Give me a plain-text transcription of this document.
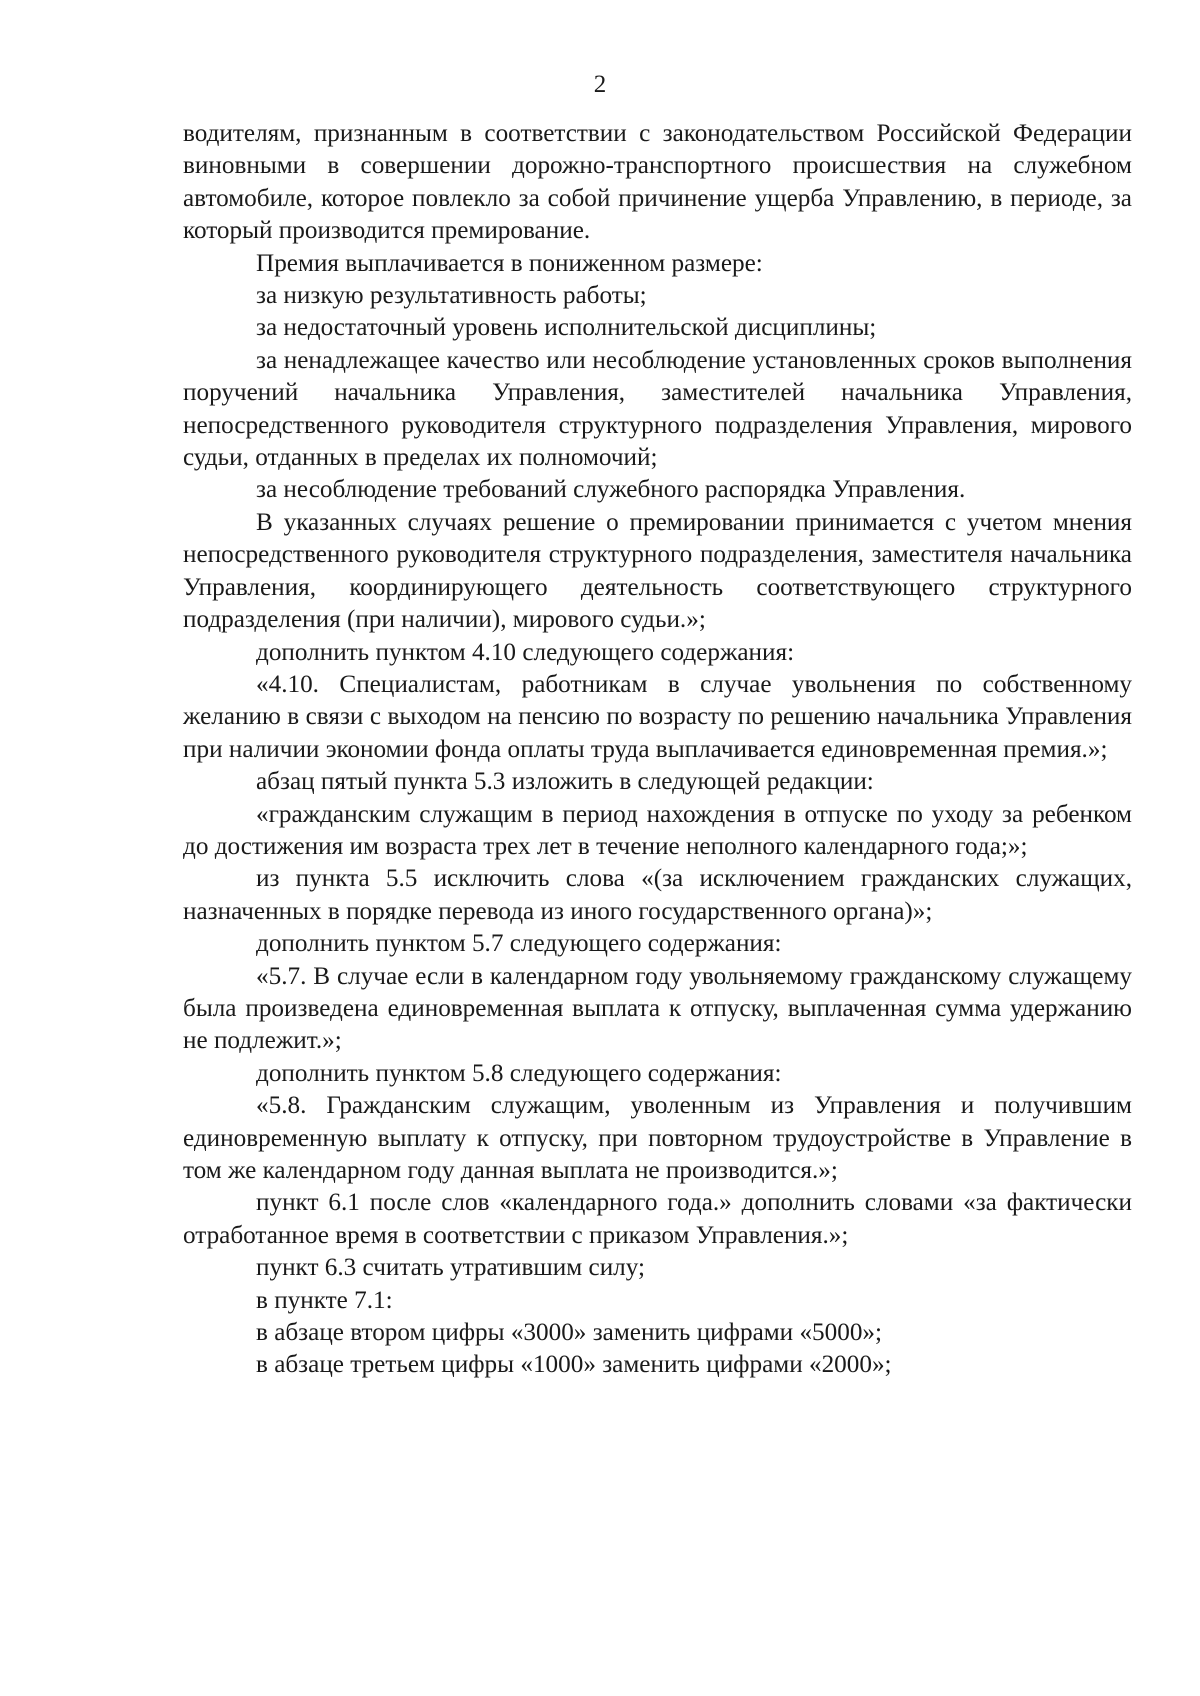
2

водителям, признанным в соответствии с законодательством Российской Федерации виновными в совершении дорожно-транспортного происшествия на служебном автомобиле, которое повлекло за собой причинение ущерба Управлению, в периоде, за который производится премирование.

Премия выплачивается в пониженном размере:

за низкую результативность работы;

за недостаточный уровень исполнительской дисциплины;

за ненадлежащее качество или несоблюдение установленных сроков выполнения поручений начальника Управления, заместителей начальника Управления, непосредственного руководителя структурного подразделения Управления, мирового судьи, отданных в пределах их полномочий;

за несоблюдение требований служебного распорядка Управления.

В указанных случаях решение о премировании принимается с учетом мнения непосредственного руководителя структурного подразделения, заместителя начальника Управления, координирующего деятельность соответствующего структурного подразделения (при наличии), мирового судьи.»;

дополнить пунктом 4.10 следующего содержания:

«4.10. Специалистам, работникам в случае увольнения по собственному желанию в связи с выходом на пенсию по возрасту по решению начальника Управления при наличии экономии фонда оплаты труда выплачивается единовременная премия.»;

абзац пятый пункта 5.3 изложить в следующей редакции:

«гражданским служащим в период нахождения в отпуске по уходу за ребенком до достижения им возраста трех лет в течение неполного календарного года;»;

из пункта 5.5 исключить слова «(за исключением гражданских служащих, назначенных в порядке перевода из иного государственного органа)»;

дополнить пунктом 5.7 следующего содержания:

«5.7. В случае если в календарном году увольняемому гражданскому служащему была произведена единовременная выплата к отпуску, выплаченная сумма удержанию не подлежит.»;

дополнить пунктом 5.8 следующего содержания:

«5.8. Гражданским служащим, уволенным из Управления и получившим единовременную выплату к отпуску, при повторном трудоустройстве в Управление в том же календарном году данная выплата не производится.»;

пункт 6.1 после слов «календарного года.» дополнить словами «за фактически отработанное время в соответствии с приказом Управления.»;

пункт 6.3 считать утратившим силу;

в пункте 7.1:

в абзаце втором цифры «3000» заменить цифрами «5000»;

в абзаце третьем цифры «1000» заменить цифрами «2000»;
